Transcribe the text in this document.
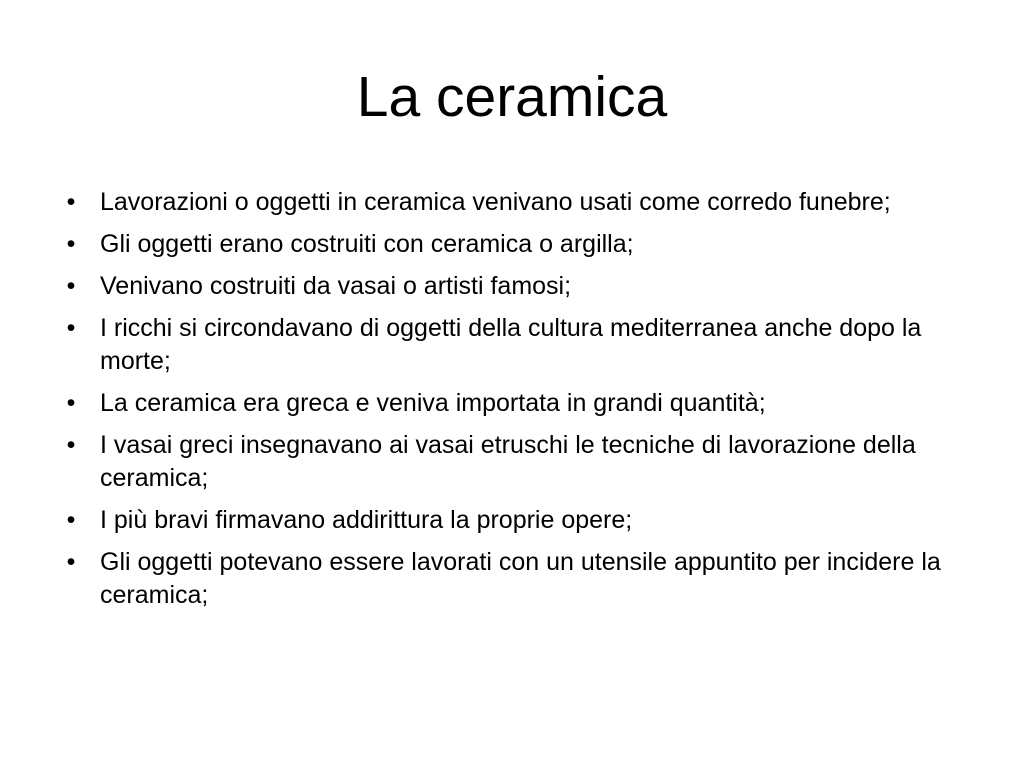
La ceramica
• Lavorazioni o oggetti in ceramica venivano usati come corredo funebre;
• Gli oggetti erano costruiti con ceramica o argilla;
• Venivano costruiti da vasai o artisti famosi;
• I ricchi si circondavano di oggetti della cultura mediterranea anche dopo la morte;
• La ceramica era greca e veniva importata in grandi quantità;
• I vasai greci insegnavano ai vasai etruschi le tecniche di lavorazione della ceramica;
• I più bravi firmavano addirittura la proprie opere;
• Gli oggetti potevano essere lavorati con un utensile appuntito per incidere la ceramica;
